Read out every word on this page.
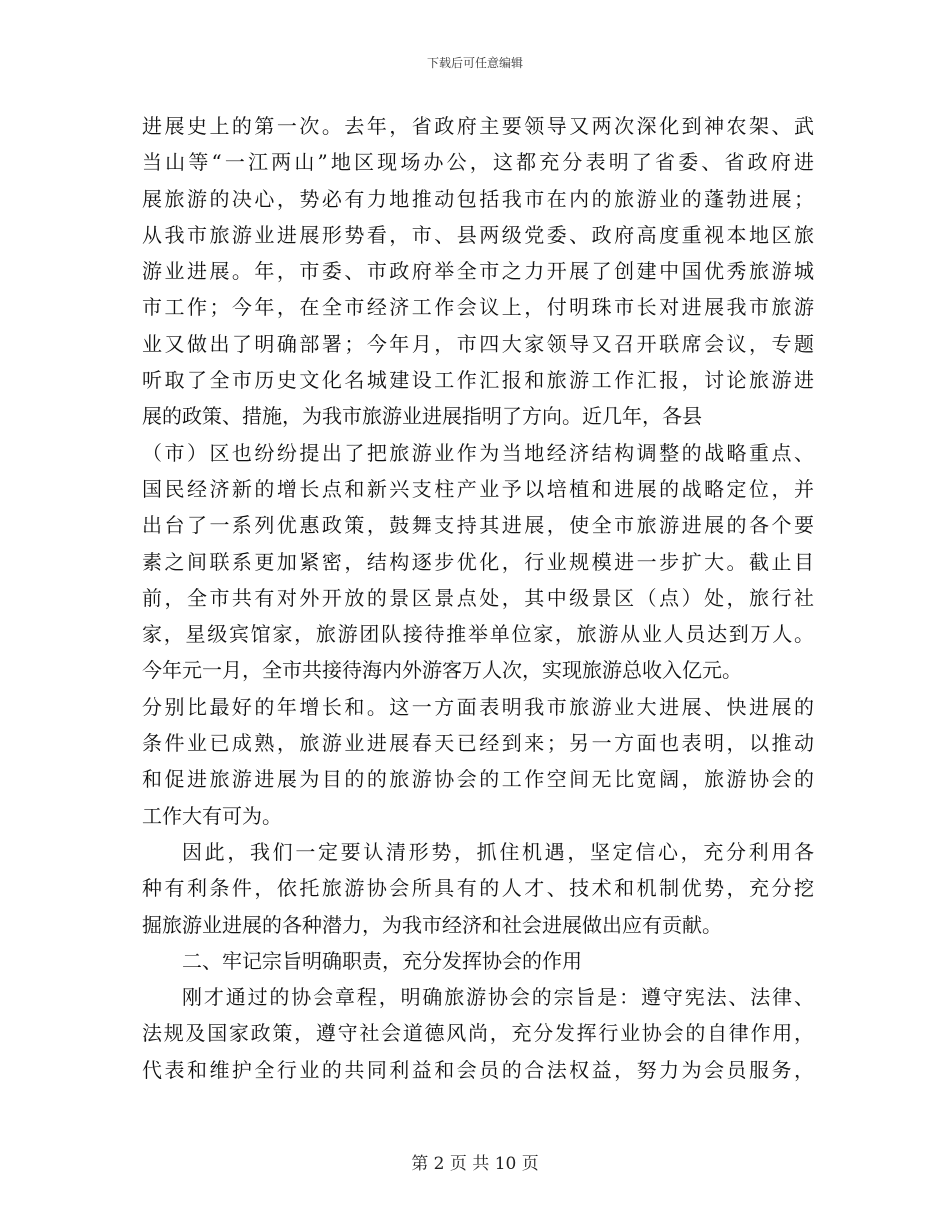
下载后可任意编辑
进展史上的第一次。去年，省政府主要领导又两次深化到神农架、武
当山等“一江两山”地区现场办公，这都充分表明了省委、省政府进
展旅游的决心，势必有力地推动包括我市在内的旅游业的蓬勃进展；
从我市旅游业进展形势看，市、县两级党委、政府高度重视本地区旅
游业进展。年，市委、市政府举全市之力开展了创建中国优秀旅游城
市工作；今年，在全市经济工作会议上，付明珠市长对进展我市旅游
业又做出了明确部署；今年月，市四大家领导又召开联席会议，专题
听取了全市历史文化名城建设工作汇报和旅游工作汇报，讨论旅游进
展的政策、措施，为我市旅游业进展指明了方向。近几年，各县
（市）区也纷纷提出了把旅游业作为当地经济结构调整的战略重点、
国民经济新的增长点和新兴支柱产业予以培植和进展的战略定位，并
出台了一系列优惠政策，鼓舞支持其进展，使全市旅游进展的各个要
素之间联系更加紧密，结构逐步优化，行业规模进一步扩大。截止目
前，全市共有对外开放的景区景点处，其中级景区（点）处，旅行社
家，星级宾馆家，旅游团队接待推举单位家，旅游从业人员达到万人。
今年元一月，全市共接待海内外游客万人次，实现旅游总收入亿元。
分别比最好的年增长和。这一方面表明我市旅游业大进展、快进展的
条件业已成熟，旅游业进展春天已经到来；另一方面也表明，以推动
和促进旅游进展为目的的旅游协会的工作空间无比宽阔，旅游协会的
工作大有可为。
因此，我们一定要认清形势，抓住机遇，坚定信心，充分利用各
种有利条件，依托旅游协会所具有的人才、技术和机制优势，充分挖
掘旅游业进展的各种潜力，为我市经济和社会进展做出应有贡献。
二、牢记宗旨明确职责，充分发挥协会的作用
刚才通过的协会章程，明确旅游协会的宗旨是：遵守宪法、法律、
法规及国家政策，遵守社会道德风尚，充分发挥行业协会的自律作用，
代表和维护全行业的共同利益和会员的合法权益，努力为会员服务，
第 2 页 共 10 页
